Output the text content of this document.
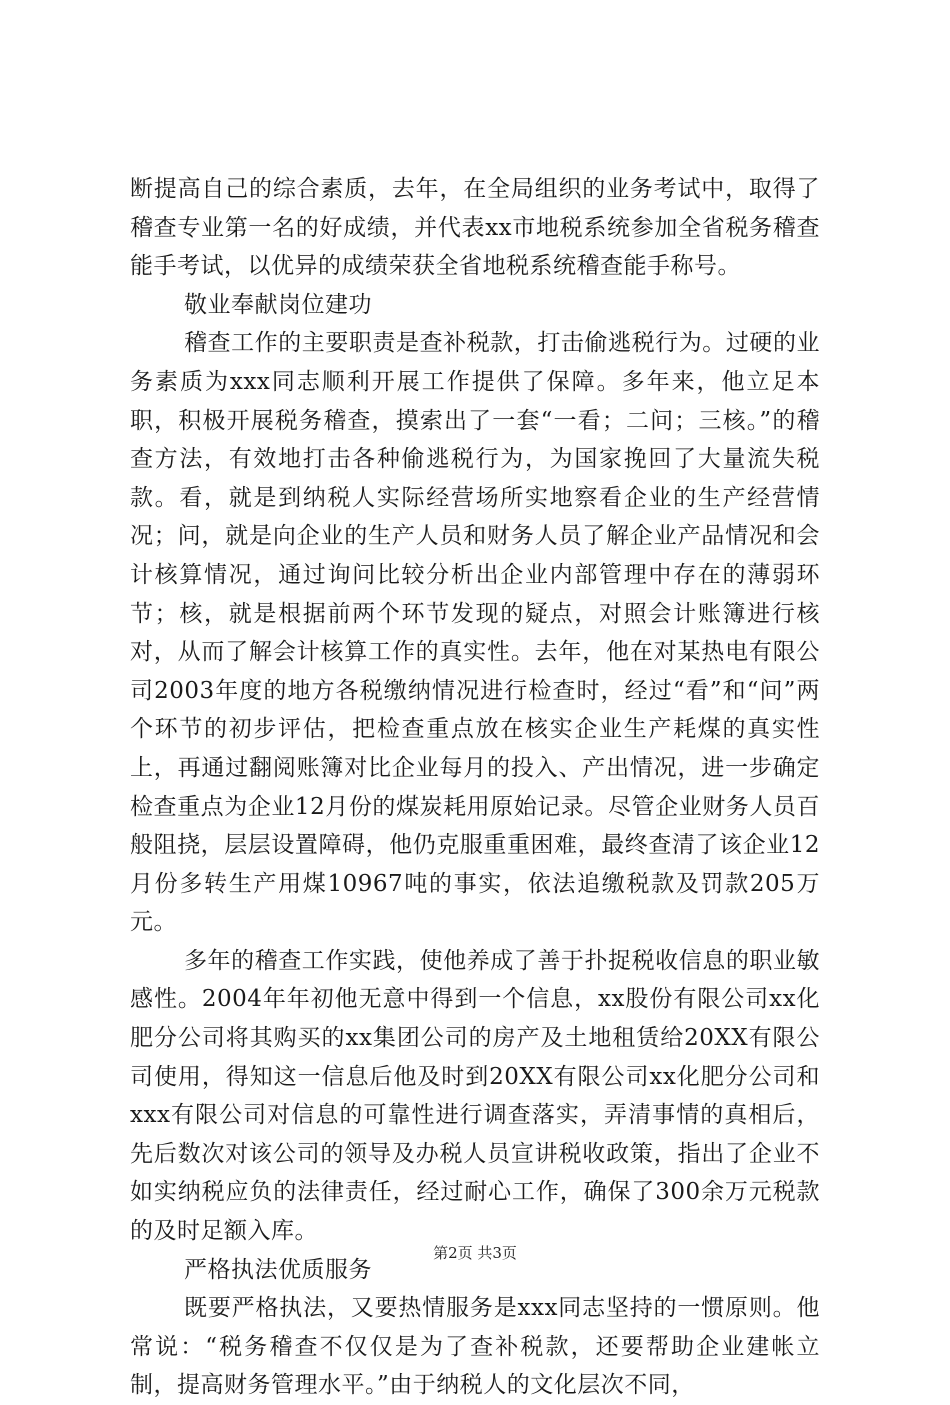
断提高自己的综合素质，去年，在全局组织的业务考试中，取得了稽查专业第一名的好成绩，并代表xx市地税系统参加全省税务稽查能手考试，以优异的成绩荣获全省地税系统稽查能手称号。

敬业奉献岗位建功

稽查工作的主要职责是查补税款，打击偷逃税行为。过硬的业务素质为xxx同志顺利开展工作提供了保障。多年来，他立足本职，积极开展税务稽查，摸索出了一套“一看；二问；三核。”的稽查方法，有效地打击各种偷逃税行为，为国家挽回了大量流失税款。看，就是到纳税人实际经营场所实地察看企业的生产经营情况；问，就是向企业的生产人员和财务人员了解企业产品情况和会计核算情况，通过询问比较分析出企业内部管理中存在的薄弱环节；核，就是根据前两个环节发现的疑点，对照会计账簿进行核对，从而了解会计核算工作的真实性。去年，他在对某热电有限公司2003年度的地方各税缴纳情况进行检查时，经过“看”和“问”两个环节的初步评估，把检查重点放在核实企业生产耗煤的真实性上，再通过翻阅账簿对比企业每月的投入、产出情况，进一步确定检查重点为企业12月份的煤炭耗用原始记录。尽管企业财务人员百般阻挠，层层设置障碍，他仍克服重重困难，最终查清了该企业12月份多转生产用煤10967吨的事实，依法追缴税款及罚款205万元。

多年的稽查工作实践，使他养成了善于扑捉税收信息的职业敏感性。2004年年初他无意中得到一个信息，xx股份有限公司xx化肥分公司将其购买的xx集团公司的房产及土地租赁给20XX有限公司使用，得知这一信息后他及时到20XX有限公司xx化肥分公司和xxx有限公司对信息的可靠性进行调查落实，弄清事情的真相后，先后数次对该公司的领导及办税人员宣讲税收政策，指出了企业不如实纳税应负的法律责任，经过耐心工作，确保了300余万元税款的及时足额入库。

严格执法优质服务

既要严格执法，又要热情服务是xxx同志坚持的一惯原则。他常说：“税务稽查不仅仅是为了查补税款，还要帮助企业建帐立制，提高财务管理水平。”由于纳税人的文化层次不同，

第2页 共3页
